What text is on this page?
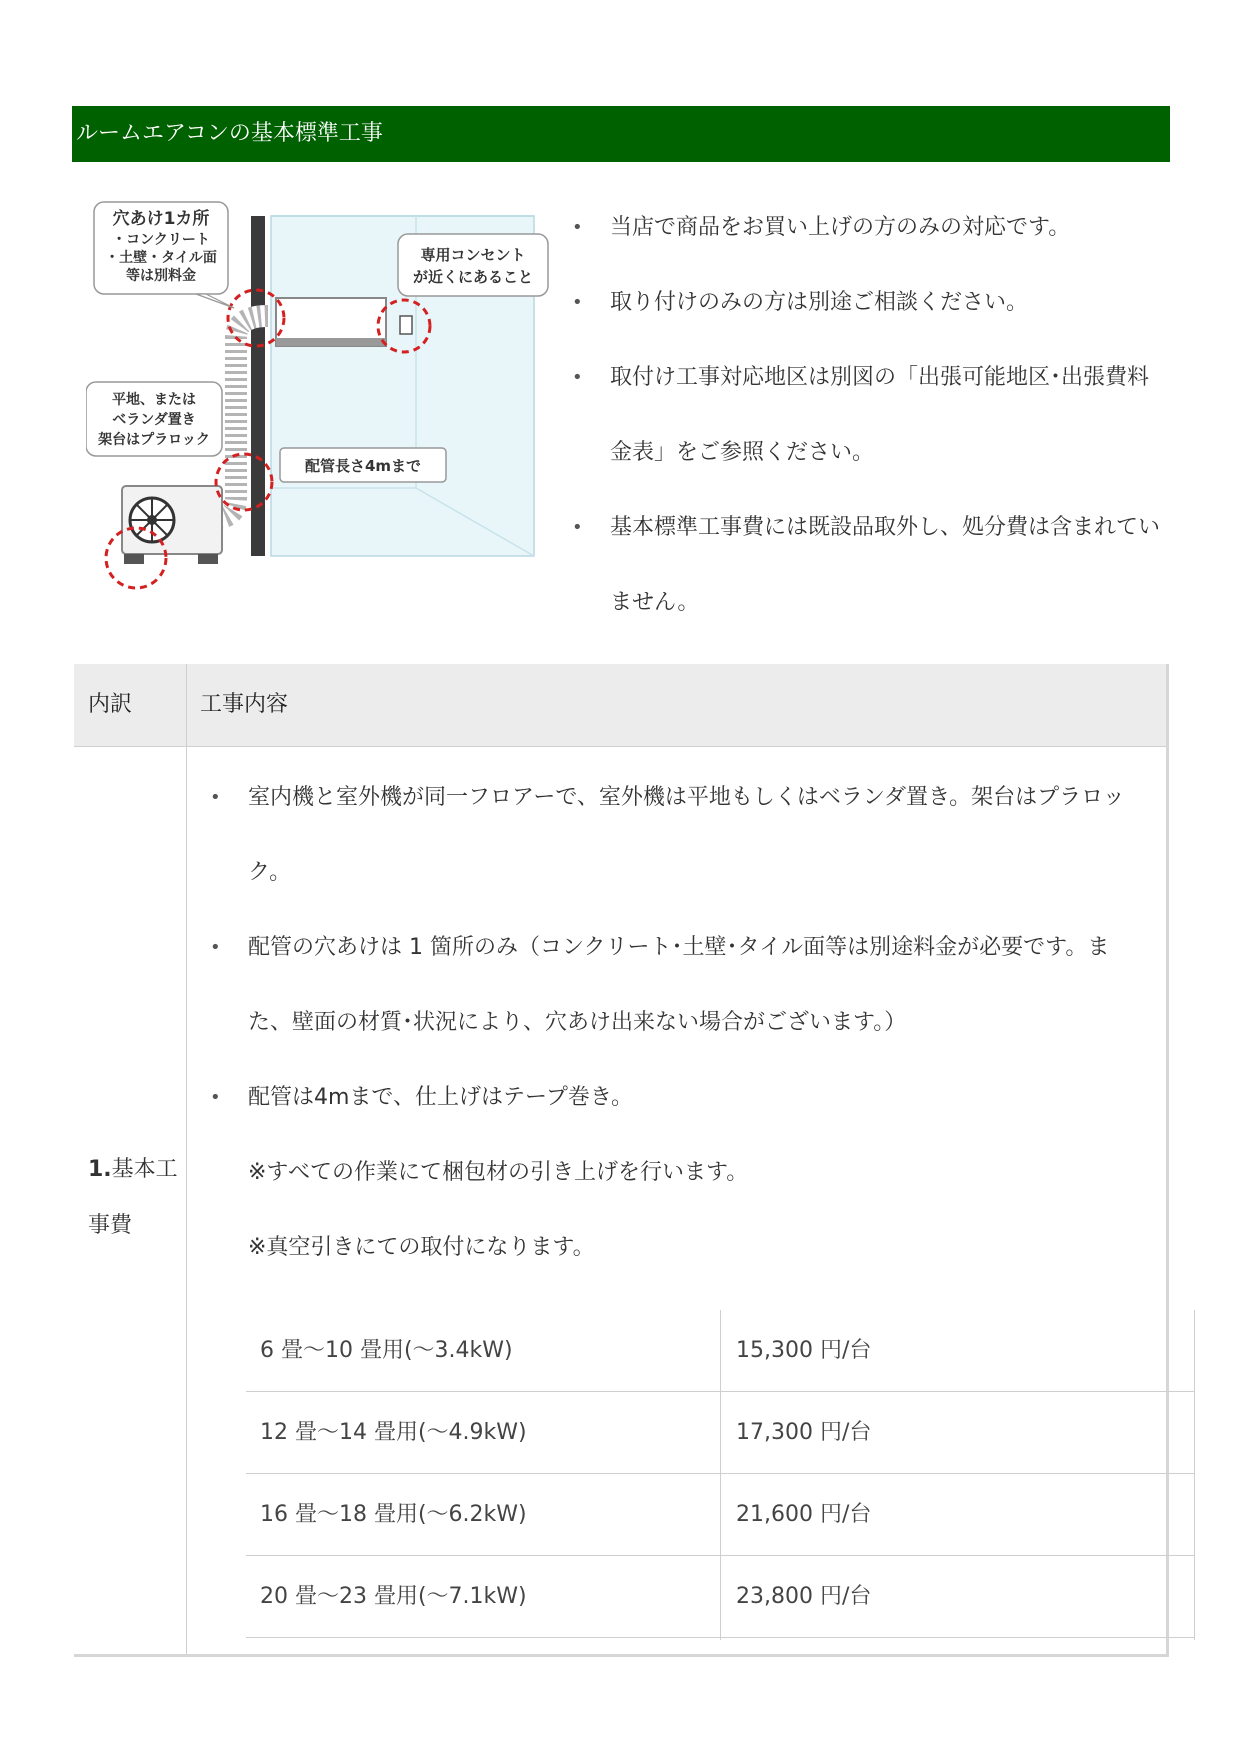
ルームエアコンの基本標準工事
穴あけ1カ所
・コンクリート
・土壁・タイル面
等は別料金
専用コンセント
が近くにあること
平地、または
ベランダ置き
架台はプラロック
配管長さ4mまで
• 当店で商品をお買い上げの方のみの対応です。
• 取り付けのみの方は別途ご相談ください。
• 取付け工事対応地区は別図の「出張可能地区･出張費料金表」をご参照ください。
• 基本標準工事費には既設品取外し、処分費は含まれていません。
内訳	工事内容
1.基本工事費
• 室内機と室外機が同一フロアーで、室外機は平地もしくはベランダ置き。架台はプラロック。
• 配管の穴あけは 1 箇所のみ（コンクリート･土壁･タイル面等は別途料金が必要です。また、壁面の材質･状況により、穴あけ出来ない場合がございます。）
• 配管は4mまで、仕上げはテープ巻き。
※すべての作業にて梱包材の引き上げを行います。
※真空引きにての取付になります。
6 畳～10 畳用(～3.4kW)	15,300 円/台
12 畳～14 畳用(～4.9kW)	17,300 円/台
16 畳～18 畳用(～6.2kW)	21,600 円/台
20 畳～23 畳用(～7.1kW)	23,800 円/台
